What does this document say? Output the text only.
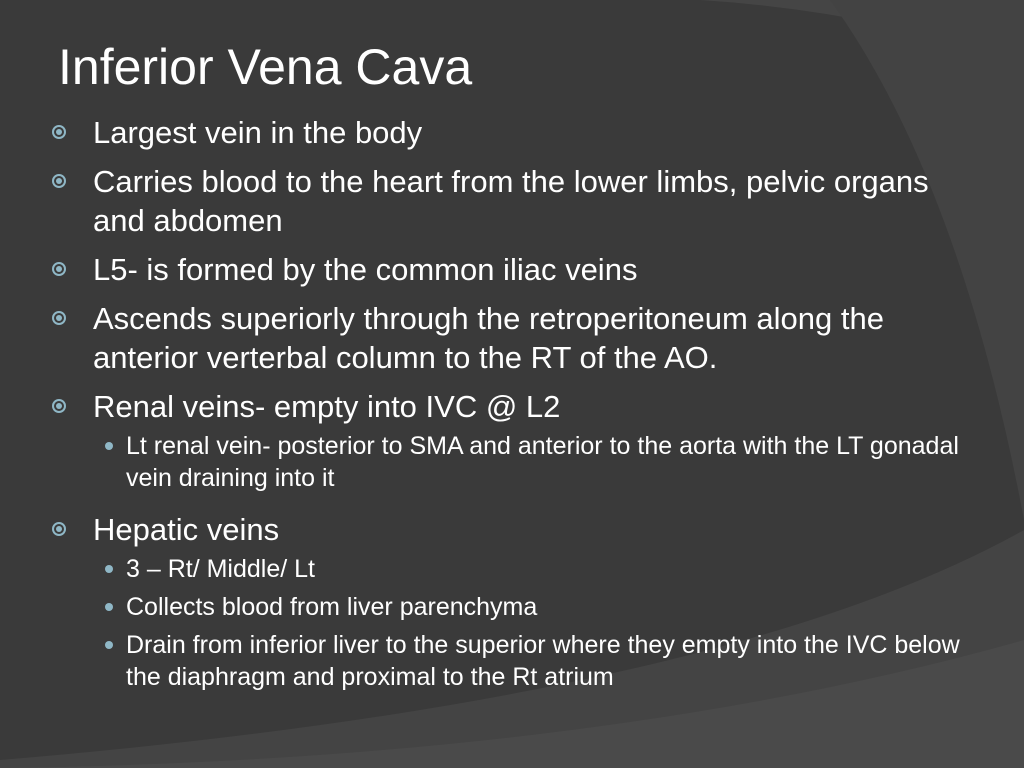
Inferior Vena Cava
Largest vein in the body
Carries blood to the heart from the lower limbs, pelvic organs and abdomen
L5- is formed by the common iliac veins
Ascends superiorly through the retroperitoneum along the anterior verterbal column to the RT of the AO.
Renal veins- empty into IVC @ L2
Lt renal vein- posterior to SMA and anterior to the aorta with the LT gonadal vein draining into it
Hepatic veins
3 – Rt/ Middle/ Lt
Collects blood from liver parenchyma
Drain from inferior liver to the superior where they empty into the IVC below the diaphragm and proximal to the Rt atrium
